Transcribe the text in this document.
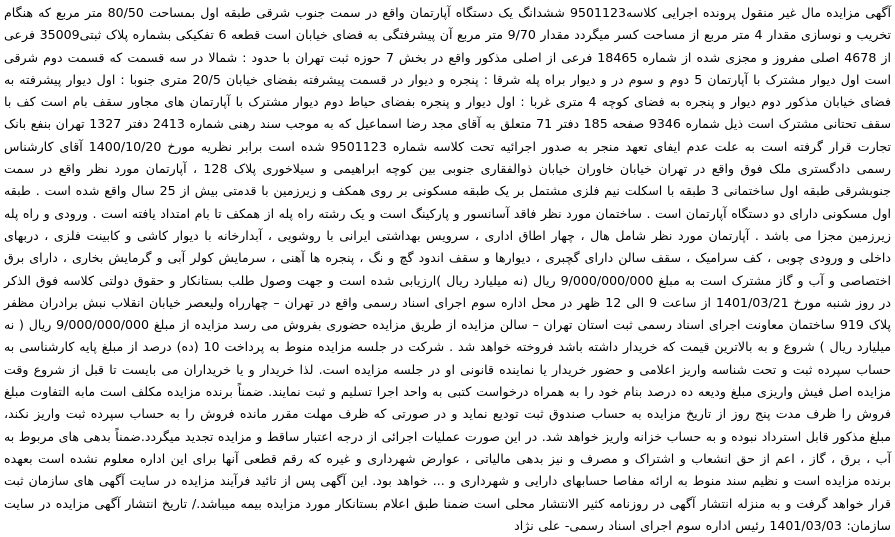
آگهی مزایده مال غیر منقول پرونده اجرایی کلاسه9501123 ششدانگ یک دستگاه آپارتمان واقع در سمت جنوب شرقی طبقه اول بمساحت 80/50 متر مربع که هنگام تخریب و نوسازی مقدار 4 متر مربع از مساحت کسر میگردد مقدار 9/70 متر مربع آن پیشرفتگی به فضای خیابان است قطعه 6 تفکیکی بشماره پلاک ثبتی35009 فرعی از 4678 اصلی مفروز و مجزی شده از شماره 18465 فرعی از اصلی مذکور واقع در بخش 7 حوزه ثبت تهران با حدود : شمالا در سه قسمت که قسمت دوم شرقی است اول دیوار مشترک با آپارتمان 5 دوم و سوم در و دیوار براه پله شرقا : پنجره و دیوار در قسمت پیشرفته بفضای خیابان 20/5 متری جنوبا : اول دیوار پیشرفته به فضای خیابان مذکور دوم دیوار و پنجره به فضای کوچه 4 متری غربا : اول دیوار و پنجره بفضای حیاط دوم دیوار مشترک با آپارتمان های مجاور سقف بام است کف با سقف تحتانی مشترک است ذیل شماره 9346 صفحه 185 دفتر 71 متعلق به آقای مجد رضا اسماعیل که به موجب سند رهنی شماره 2413 دفتر 1327 تهران بنفع بانک تجارت قرار گرفته است به علت عدم ایفای تعهد منجر به صدور اجرائیه تحت کلاسه شماره 9501123 شده است برابر نظریه مورخ 1400/10/20 آقای کارشناس رسمی دادگستری ملک فوق واقع در تهران خیابان خاوران خیابان ذوالفقاری جنوبی بین کوچه ابراهیمی و سیلاخوری پلاک 128 ، آپارتمان مورد نظر واقع در سمت جنوبشرقی طبقه اول ساختمانی 3 طبقه با اسکلت نیم فلزی مشتمل بر یک طبقه مسکونی بر روی همکف و زیرزمین با قدمتی بیش از 25 سال واقع شده است . طبقه اول مسکونی دارای دو دستگاه آپارتمان است . ساختمان مورد نظر فاقد آسانسور و پارکینگ است و یک رشته راه پله از همکف تا بام امتداد یافته است . ورودی و راه پله زیرزمین مجزا می باشد . آپارتمان مورد نظر شامل هال ، چهار اطاق اداری ، سرویس بهداشتی ایرانی با روشویی ، آبدارخانه با دیوار کاشی و کابینت فلزی ، دربهای داخلی و ورودی چوبی ، کف سرامیک ، سقف سالن دارای گچبری ، دیوارها و سقف اندود گچ و نگ ، پنجره ها آهنی ، سرمایش کولر آبی و گرمایش بخاری ، دارای برق اختصاصی و آب و گاز مشترک است به مبلغ 9/000/000/000 ریال (نه میلیارد ریال )ارزیابی شده است و جهت وصول طلب بستانکار و حقوق دولتی کلاسه فوق الذکر در روز شنبه مورخ 1401/03/21 از ساعت 9 الی 12 ظهر در محل اداره سوم اجرای اسناد رسمی واقع در تهران – چهارراه ولیعصر خیابان انقلاب نبش برادران مظفر پلاک 919 ساختمان معاونت اجرای اسناد رسمی ثبت استان تهران – سالن مزایده از طریق مزایده حضوری بفروش می رسد مزایده از مبلغ 9/000/000/000 ریال ( نه میلیارد ریال ) شروع و به بالاترین قیمت که خریدار داشته باشد فروخته خواهد شد . شرکت در جلسه مزایده منوط به پرداخت 10 (ده) درصد از مبلغ پایه کارشناسی به حساب سپرده ثبت و تحت شناسه واریز اعلامی و حضور خریدار یا نماینده قانونی او در جلسه مزایده است. لذا خریدار و یا خریداران می بایست تا قبل از شروع وقت مزایده اصل فیش واریزی مبلغ ودیعه ده درصد بنام خود را به همراه درخواست کتبی به واحد اجرا تسلیم و ثبت نمایند. ضمناً برنده مزایده مکلف است مابه التفاوت مبلغ فروش را ظرف مدت پنج روز از تاریخ مزایده به حساب صندوق ثبت تودیع نماید و در صورتی که ظرف مهلت مقرر مانده فروش را به حساب سپرده ثبت واریز نکند، مبلغ مذکور قابل استرداد نبوده و به حساب خزانه واریز خواهد شد. در این صورت عملیات اجرائی از درجه اعتبار ساقط و مزایده تجدید میگردد.ضمناً بدهی های مربوط به آب ، برق ، گاز ، اعم از حق انشعاب و اشتراک و مصرف و نیز بدهی مالیاتی ، عوارض شهرداری و غیره که رقم قطعی آنها برای این اداره معلوم نشده است بعهده برنده مزایده است و نظیم سند منوط به ارائه مفاصا حسابهای دارایی و شهرداری و ... خواهد بود. این آگهی پس از تائید فرآیند مزایده در سایت آگهی های سازمان ثبت قرار خواهد گرفت و به منزله انتشار آگهی در روزنامه کثیر الانتشار محلی است ضمنا طبق اعلام بستانکار مورد مزایده بیمه میباشد./ تاریخ انتشار آگهی مزایده در سایت سازمان: 1401/03/03 رئیس اداره سوم اجرای اسناد رسمی- علی نژاد
